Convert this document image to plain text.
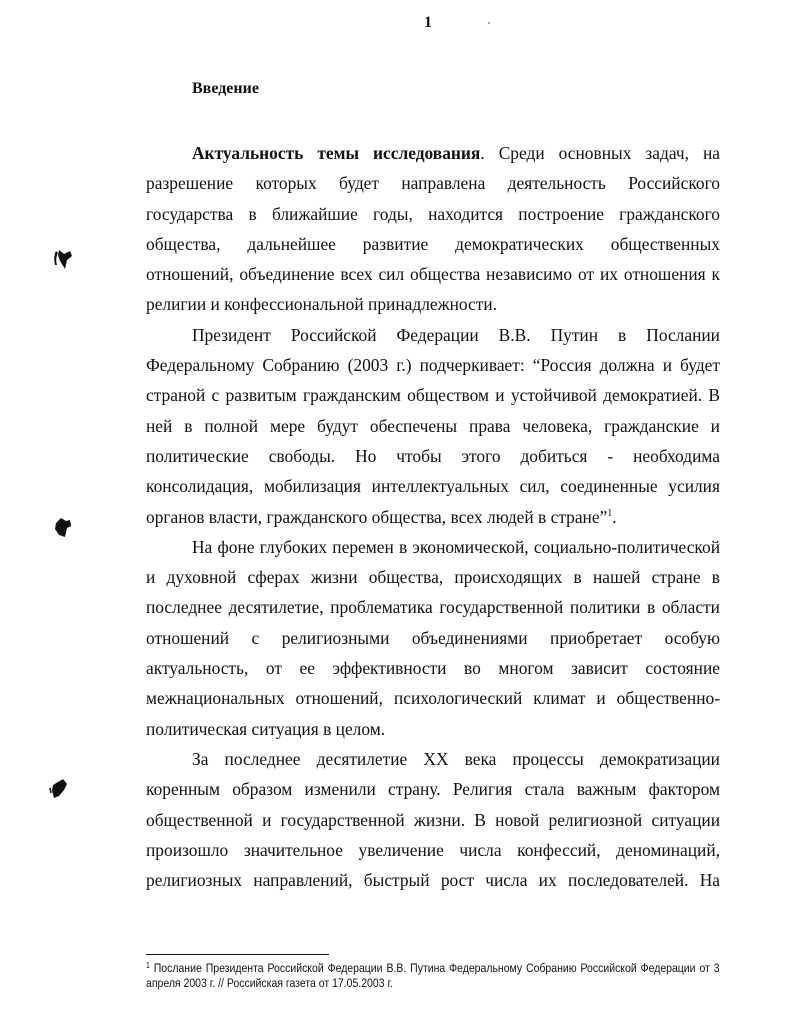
1
Введение

Актуальность темы исследования. Среди основных задач, на разрешение которых будет направлена деятельность Российского государства в ближайшие годы, находится построение гражданского общества, дальнейшее развитие демократических общественных отношений, объединение всех сил общества независимо от их отношения к религии и конфессиональной принадлежности.

Президент Российской Федерации В.В. Путин в Послании Федеральному Собранию (2003 г.) подчеркивает: “Россия должна и будет страной с развитым гражданским обществом и устойчивой демократией. В ней в полной мере будут обеспечены права человека, гражданские и политические свободы. Но чтобы этого добиться - необходима консолидация, мобилизация интеллектуальных сил, соединенные усилия органов власти, гражданского общества, всех людей в стране”$^1$.

На фоне глубоких перемен в экономической, социально-политической и духовной сферах жизни общества, происходящих в нашей стране в последнее десятилетие, проблематика государственной политики в области отношений с религиозными объединениями приобретает особую актуальность, от ее эффективности во многом зависит состояние межнациональных отношений, психологический климат и общественно-политическая ситуация в целом.

За последнее десятилетие XX века процессы демократизации коренным образом изменили страну. Религия стала важным фактором общественной и государственной жизни. В новой религиозной ситуации произошло значительное увеличение числа конфессий, деноминаций, религиозных направлений, быстрый рост числа их последователей. На

$^1$ Послание Президента Российской Федерации В.В. Путина Федеральному Собранию Российской Федерации от 3 апреля 2003 г. // Российская газета от 17.05.2003 г.
